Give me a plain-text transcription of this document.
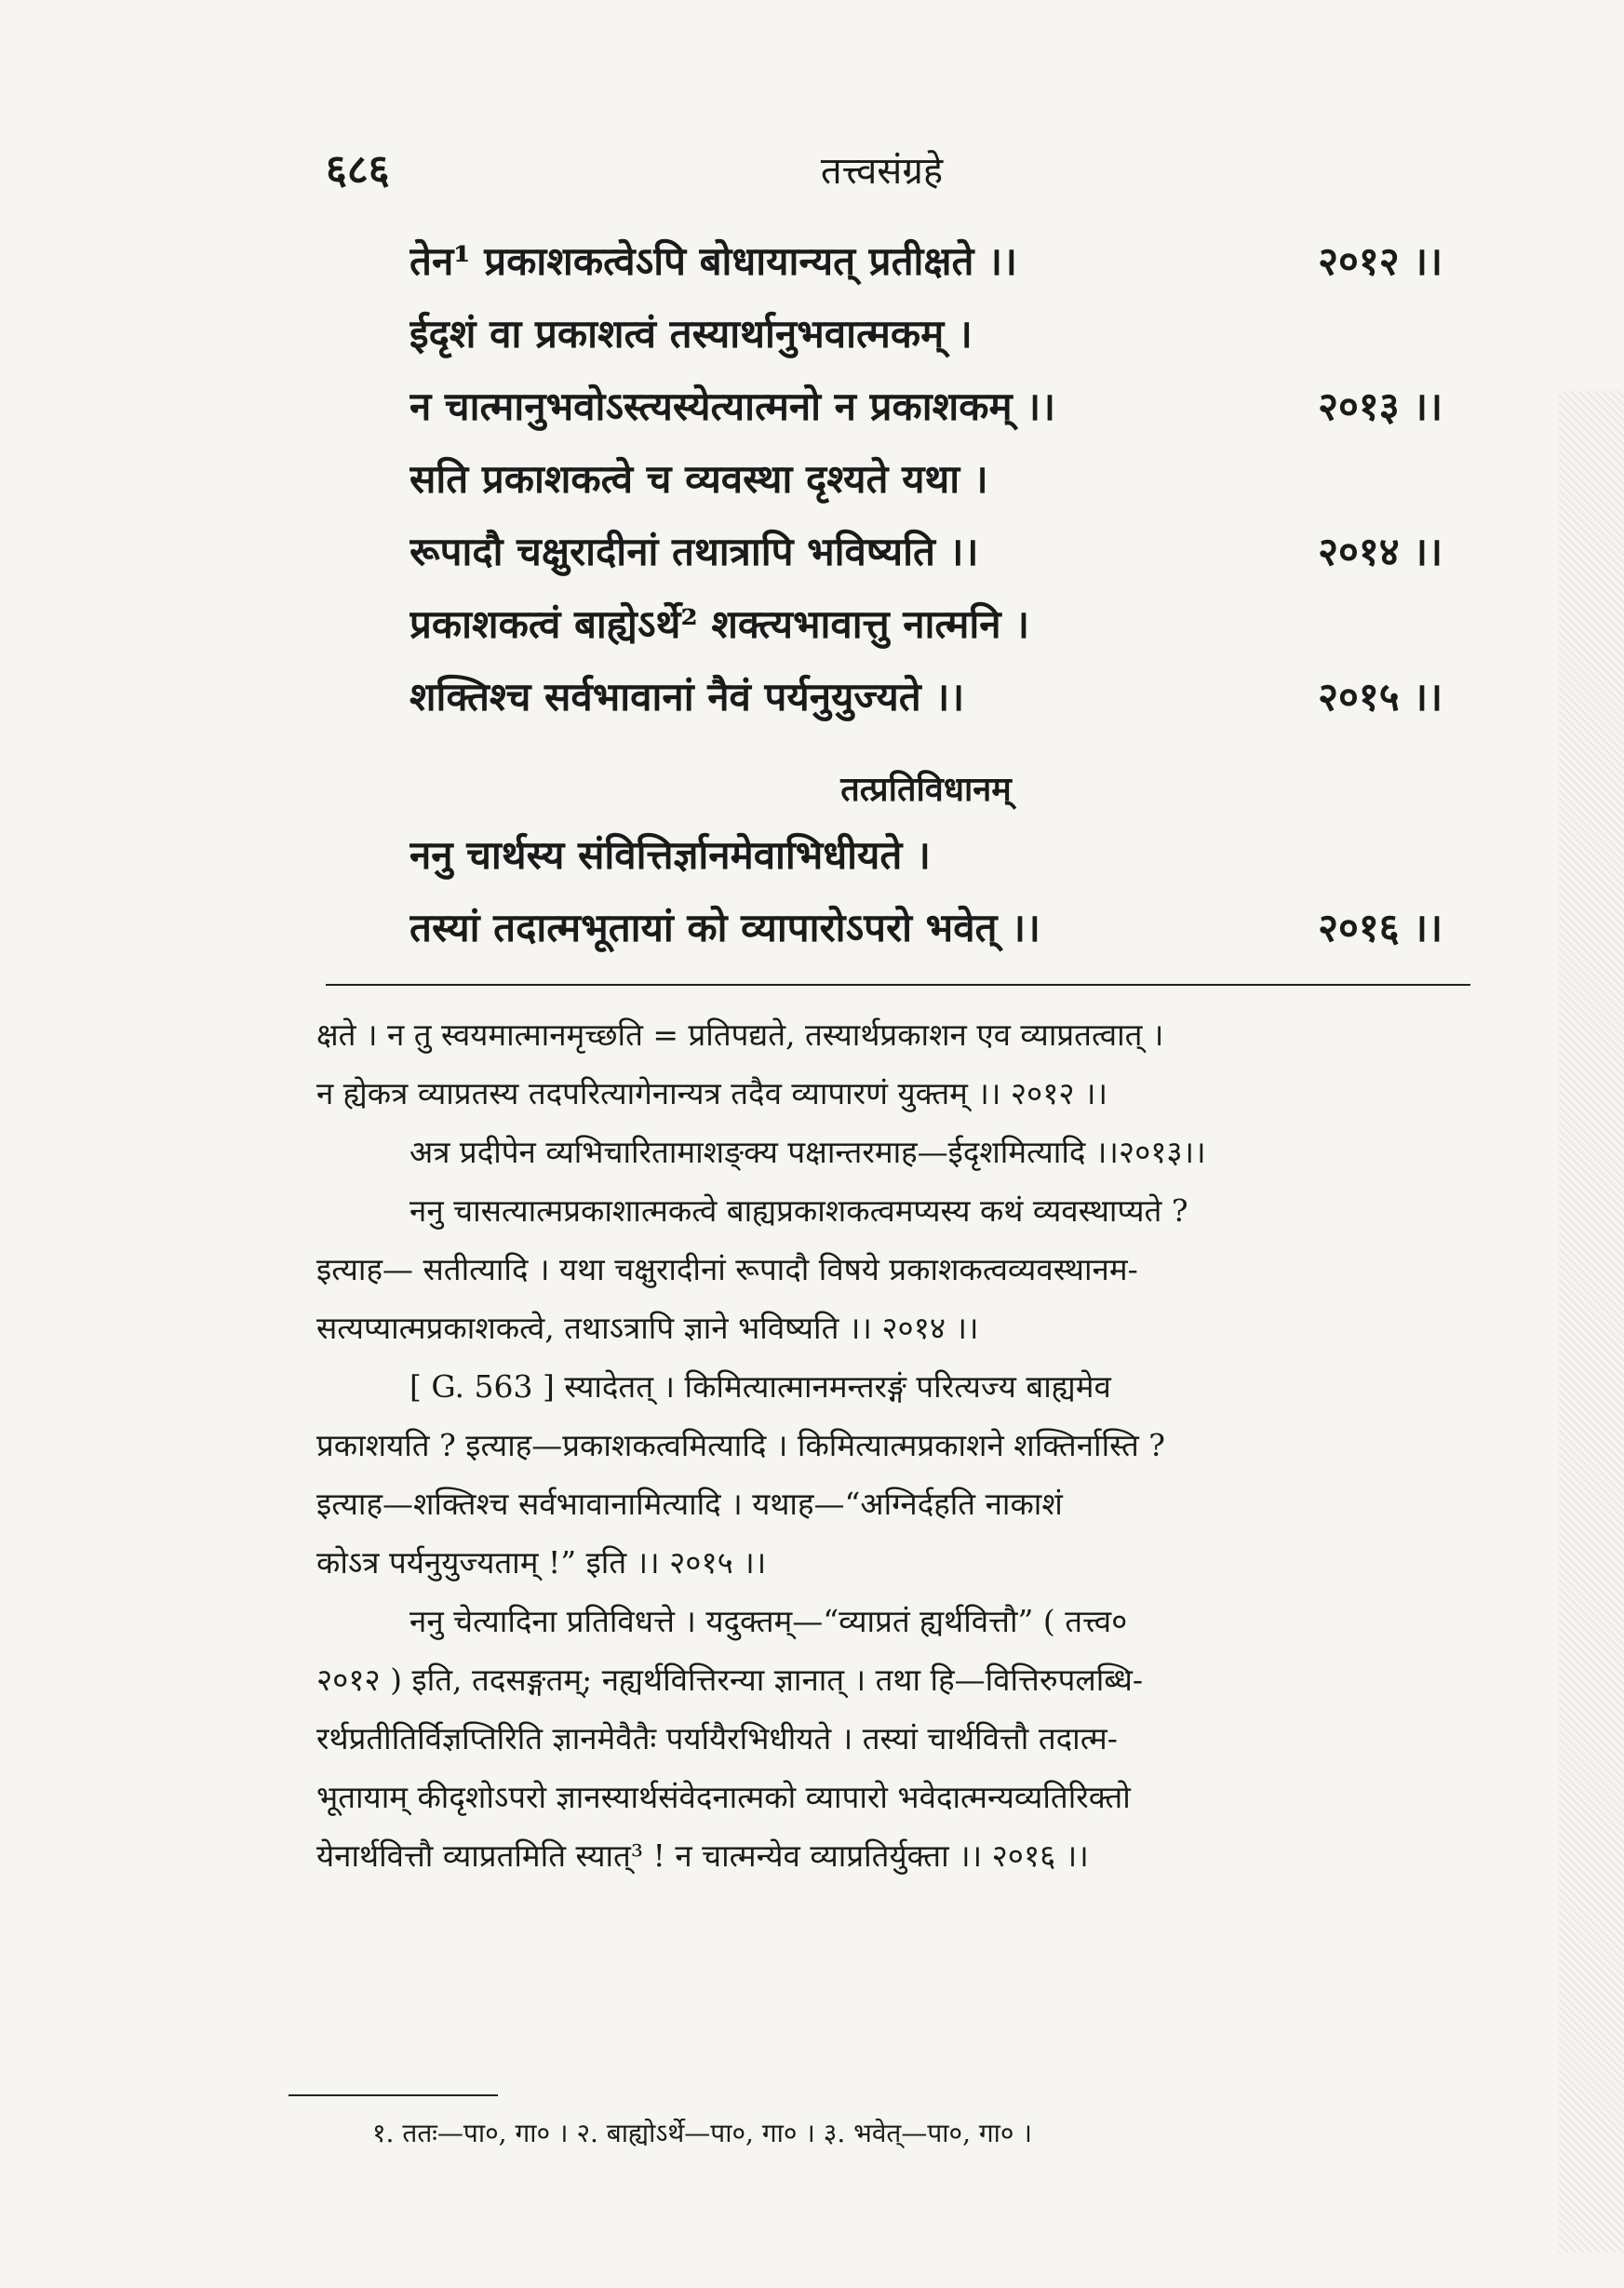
६८६	तत्त्वसंग्रहे
२०१२ ।।
तेन¹ प्रकाशकत्वेऽपि बोधायान्यत् प्रतीक्षते ।।
ईदृशं वा प्रकाशत्वं तस्यार्थानुभवात्मकम् ।
२०१३ ।।
न चात्मानुभवोऽस्त्यस्येत्यात्मनो न प्रकाशकम् ।।
सति प्रकाशकत्वे च व्यवस्था दृश्यते यथा ।
२०१४ ।।
रूपादौ चक्षुरादीनां तथात्रापि भविष्यति ।।
प्रकाशकत्वं बाह्येऽर्थे² शक्त्यभावात्तु नात्मनि ।
२०१५ ।।
शक्तिश्च सर्वभावानां नैवं पर्यनुयुज्यते ।।
तत्प्रतिविधानम्
ननु चार्थस्य संवित्तिर्ज्ञानमेवाभिधीयते ।
२०१६ ।।
तस्यां तदात्मभूतायां को व्यापारोऽपरो भवेत् ।।
क्षते । न तु स्वयमात्मानमृच्छति = प्रतिपद्यते, तस्यार्थप्रकाशन एव व्याप्रतत्वात् ।
न ह्येकत्र व्याप्रतस्य तदपरित्यागेनान्यत्र तदैव व्यापारणं युक्तम् ।। २०१२ ।।
अत्र प्रदीपेन व्यभिचारितामाशङ्क्य पक्षान्तरमाह—ईदृशमित्यादि ।।२०१३।।
ननु चासत्यात्मप्रकाशात्मकत्वे बाह्यप्रकाशकत्वमप्यस्य कथं व्यवस्थाप्यते ?
इत्याह— सतीत्यादि । यथा चक्षुरादीनां रूपादौ विषये प्रकाशकत्वव्यवस्थानम-
सत्यप्यात्मप्रकाशकत्वे, तथाऽत्रापि ज्ञाने भविष्यति ।। २०१४ ।।
[ G. 563 ] स्यादेतत् । किमित्यात्मानमन्तरङ्गं परित्यज्य बाह्यमेव
प्रकाशयति ? इत्याह—प्रकाशकत्वमित्यादि । किमित्यात्मप्रकाशने शक्तिर्नास्ति ?
इत्याह—शक्तिश्च सर्वभावानामित्यादि । यथाह—“अग्निर्दहति नाकाशं
कोऽत्र पर्यनुयुज्यताम् !” इति ।। २०१५ ।।
ननु चेत्यादिना प्रतिविधत्ते । यदुक्तम्—“व्याप्रतं ह्यर्थवित्तौ” ( तत्त्व०
२०१२ ) इति, तदसङ्गतम्; नह्यर्थवित्तिरन्या ज्ञानात् । तथा हि—वित्तिरुपलब्धि-
रर्थप्रतीतिर्विज्ञप्तिरिति ज्ञानमेवैतैः पर्यायैरभिधीयते । तस्यां चार्थवित्तौ तदात्म-
भूतायाम् कीदृशोऽपरो ज्ञानस्यार्थसंवेदनात्मको व्यापारो भवेदात्मन्यव्यतिरिक्तो
येनार्थवित्तौ व्याप्रतमिति स्यात्³ ! न चात्मन्येव व्याप्रतिर्युक्ता ।। २०१६ ।।
१. ततः—पा०, गा० । २. बाह्योऽर्थे—पा०, गा० । ३. भवेत्—पा०, गा० ।
